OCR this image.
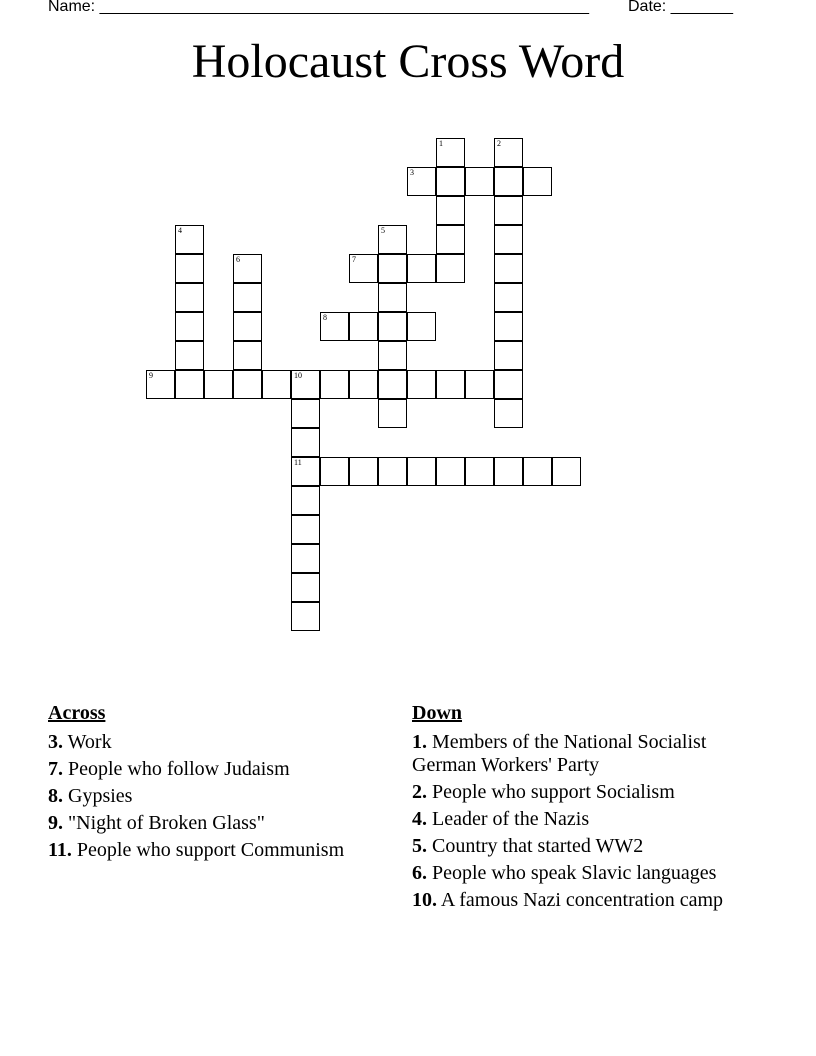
Name: _______________________________________________________ Date: _______
Holocaust Cross Word
1	2
3
4	5
6	7
8
9	10
11
Across
3. Work
7. People who follow Judaism
8. Gypsies
9. "Night of Broken Glass"
11. People who support Communism
Down
1. Members of the National Socialist German Workers' Party
2. People who support Socialism
4. Leader of the Nazis
5. Country that started WW2
6. People who speak Slavic languages
10. A famous Nazi concentration camp
